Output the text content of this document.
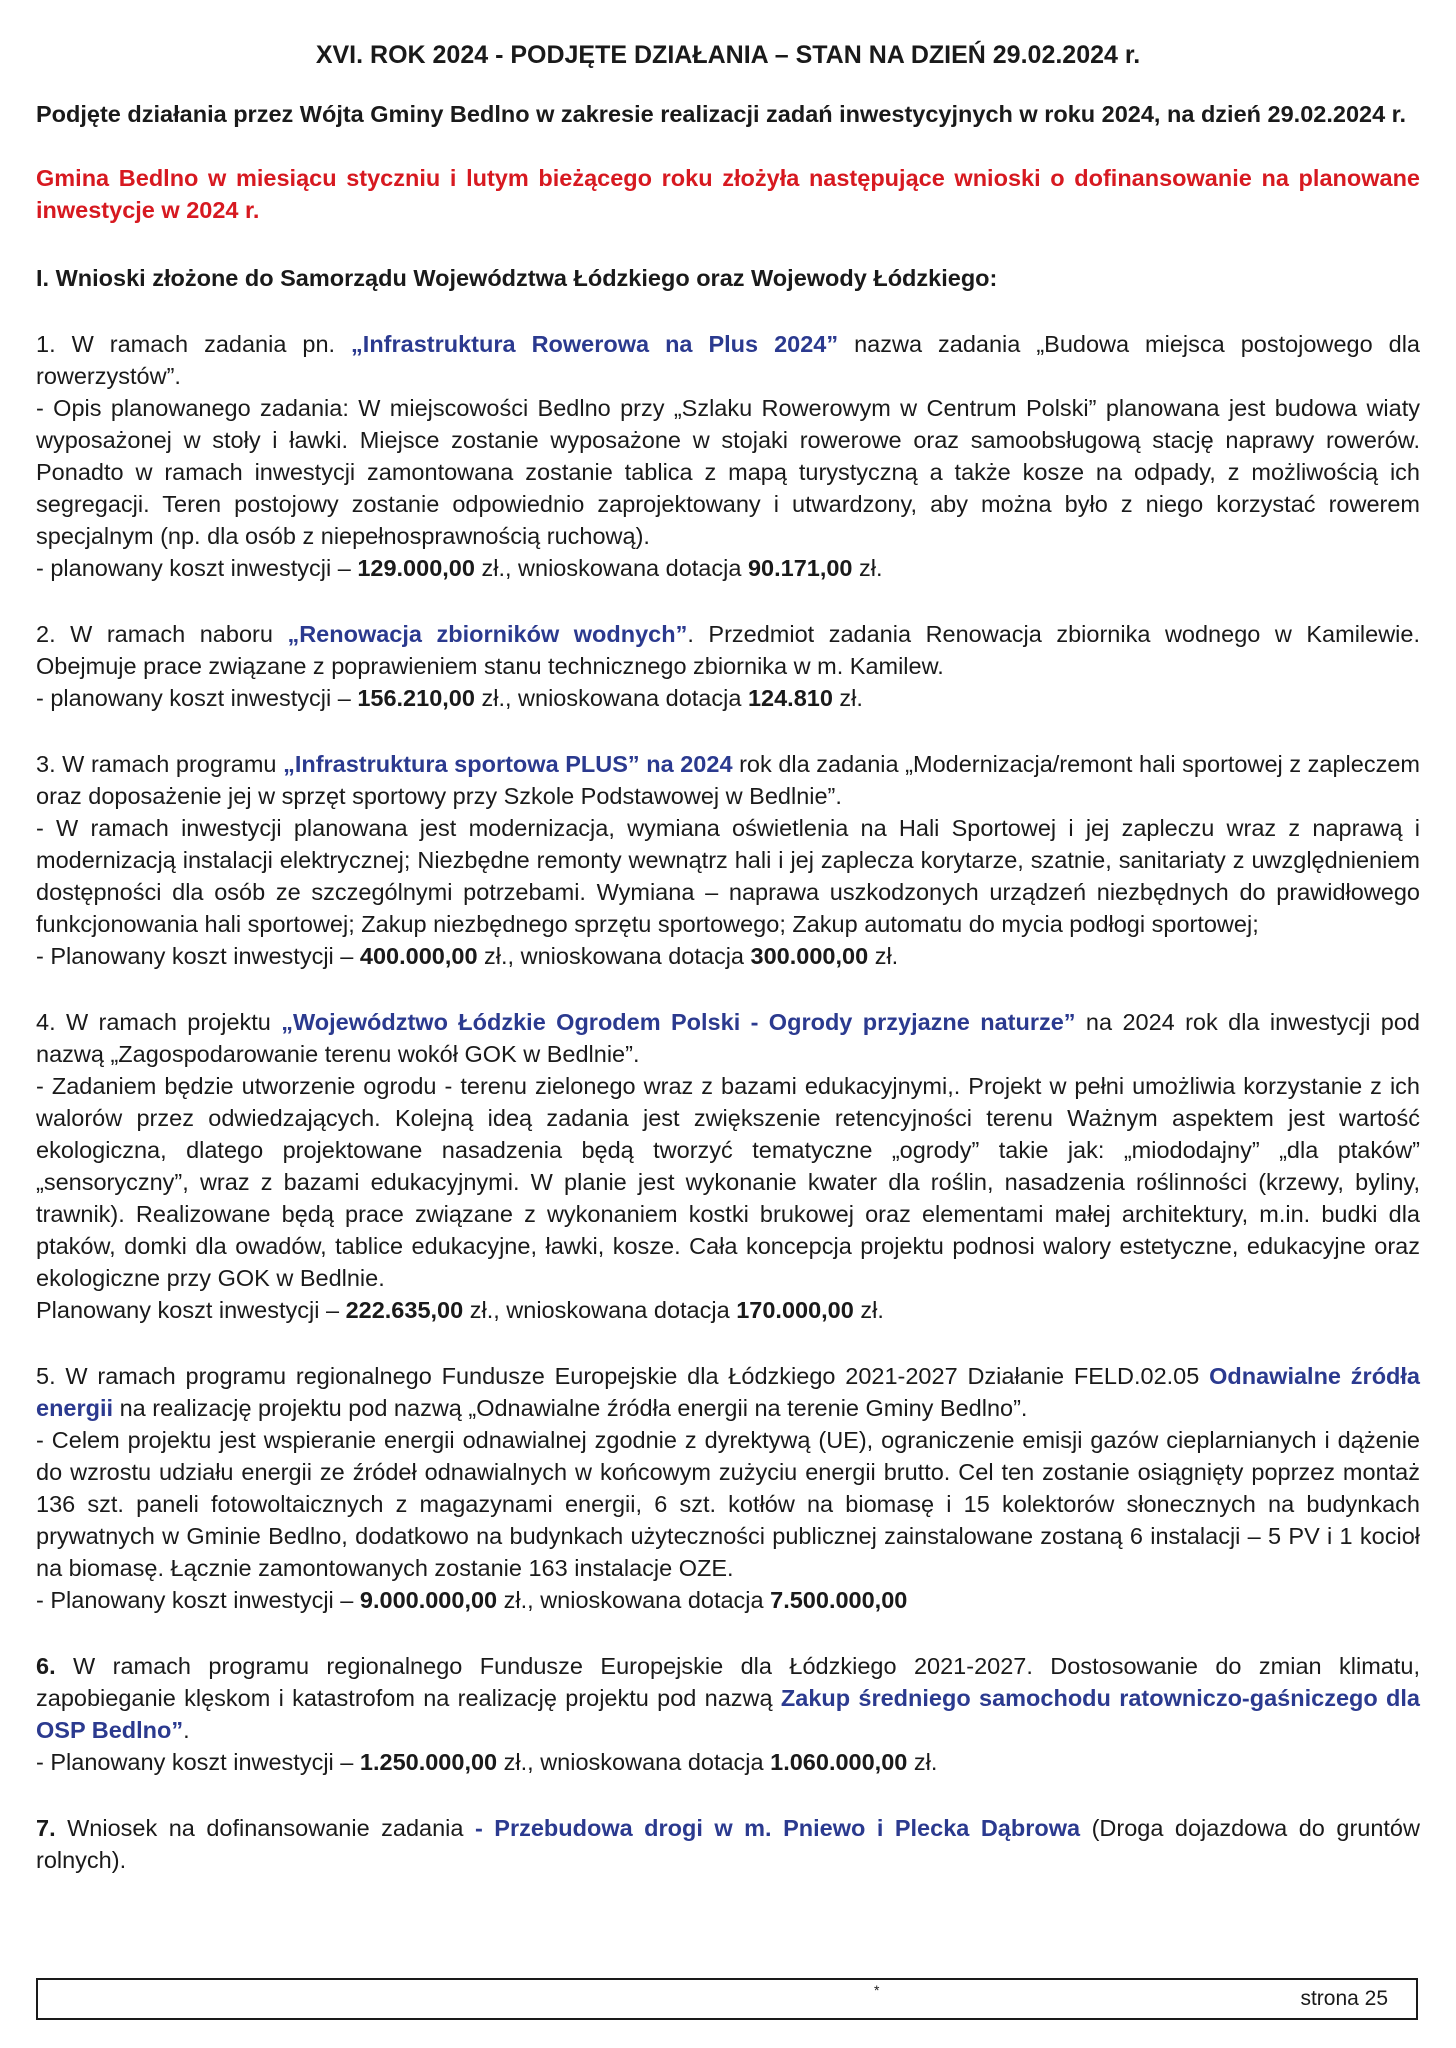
XVI. ROK 2024 - PODJĘTE DZIAŁANIA – STAN NA DZIEŃ 29.02.2024 r.
Podjęte działania przez Wójta Gminy Bedlno w zakresie realizacji zadań inwestycyjnych w roku 2024, na dzień 29.02.2024 r.
Gmina Bedlno w miesiącu styczniu i lutym bieżącego roku złożyła następujące wnioski o dofinansowanie na planowane inwestycje w 2024 r.
I. Wnioski złożone do Samorządu Województwa Łódzkiego oraz Wojewody Łódzkiego:

1. W ramach zadania pn. „Infrastruktura Rowerowa na Plus 2024” nazwa zadania „Budowa miejsca postojowego dla rowerzystów”.

- Opis planowanego zadania: W miejscowości Bedlno przy „Szlaku Rowerowym w Centrum Polski” planowana jest budowa wiaty wyposażonej w stoły i ławki. Miejsce zostanie wyposażone w stojaki rowerowe oraz samoobsługową stację naprawy rowerów. Ponadto w ramach inwestycji zamontowana zostanie tablica z mapą turystyczną a także kosze na odpady, z możliwością ich segregacji. Teren postojowy zostanie odpowiednio zaprojektowany i utwardzony, aby można było z niego korzystać rowerem specjalnym (np. dla osób z niepełnosprawnością ruchową).

- planowany koszt inwestycji – 129.000,00 zł., wnioskowana dotacja 90.171,00 zł.

2. W ramach naboru „Renowacja zbiorników wodnych”. Przedmiot zadania Renowacja zbiornika wodnego w Kamilewie. Obejmuje prace związane z poprawieniem stanu technicznego zbiornika w m. Kamilew.

- planowany koszt inwestycji – 156.210,00 zł., wnioskowana dotacja 124.810 zł.

3. W ramach programu „Infrastruktura sportowa PLUS” na 2024 rok dla zadania „Modernizacja/remont hali sportowej z zapleczem oraz doposażenie jej w sprzęt sportowy przy Szkole Podstawowej w Bedlnie”.

- W ramach inwestycji planowana jest modernizacja, wymiana oświetlenia na Hali Sportowej i jej zapleczu wraz z naprawą i modernizacją instalacji elektrycznej; Niezbędne remonty wewnątrz hali i jej zaplecza korytarze, szatnie, sanitariaty z uwzględnieniem dostępności dla osób ze szczególnymi potrzebami. Wymiana – naprawa uszkodzonych urządzeń niezbędnych do prawidłowego funkcjonowania hali sportowej; Zakup niezbędnego sprzętu sportowego; Zakup automatu do mycia podłogi sportowej;

- Planowany koszt inwestycji – 400.000,00 zł., wnioskowana dotacja 300.000,00 zł.

4. W ramach projektu „Województwo Łódzkie Ogrodem Polski - Ogrody przyjazne naturze” na 2024 rok dla inwestycji pod nazwą „Zagospodarowanie terenu wokół GOK w Bedlnie”.

- Zadaniem będzie utworzenie ogrodu - terenu zielonego wraz z bazami edukacyjnymi,. Projekt w pełni umożliwia korzystanie z ich walorów przez odwiedzających. Kolejną ideą zadania jest zwiększenie retencyjności terenu Ważnym aspektem jest wartość ekologiczna, dlatego projektowane nasadzenia będą tworzyć tematyczne „ogrody” takie jak: „miododajny” „dla ptaków” „sensoryczny”, wraz z bazami edukacyjnymi. W planie jest wykonanie kwater dla roślin, nasadzenia roślinności (krzewy, byliny, trawnik). Realizowane będą prace związane z wykonaniem kostki brukowej oraz elementami małej architektury, m.in. budki dla ptaków, domki dla owadów, tablice edukacyjne, ławki, kosze. Cała koncepcja projektu podnosi walory estetyczne, edukacyjne oraz ekologiczne przy GOK w Bedlnie.

Planowany koszt inwestycji – 222.635,00 zł., wnioskowana dotacja 170.000,00 zł.

5. W ramach programu regionalnego Fundusze Europejskie dla Łódzkiego 2021-2027 Działanie FELD.02.05 Odnawialne źródła energii na realizację projektu pod nazwą „Odnawialne źródła energii na terenie Gminy Bedlno”.

- Celem projektu jest wspieranie energii odnawialnej zgodnie z dyrektywą (UE), ograniczenie emisji gazów cieplarnianych i dążenie do wzrostu udziału energii ze źródeł odnawialnych w końcowym zużyciu energii brutto. Cel ten zostanie osiągnięty poprzez montaż 136 szt. paneli fotowoltaicznych z magazynami energii, 6 szt. kotłów na biomasę i 15 kolektorów słonecznych na budynkach prywatnych w Gminie Bedlno, dodatkowo na budynkach użyteczności publicznej zainstalowane zostaną 6 instalacji – 5 PV i 1 kocioł na biomasę. Łącznie zamontowanych zostanie 163 instalacje OZE.

- Planowany koszt inwestycji – 9.000.000,00 zł., wnioskowana dotacja 7.500.000,00

6. W ramach programu regionalnego Fundusze Europejskie dla Łódzkiego 2021-2027. Dostosowanie do zmian klimatu, zapobieganie klęskom i katastrofom na realizację projektu pod nazwą Zakup średniego samochodu ratowniczo-gaśniczego dla OSP Bedlno”.

- Planowany koszt inwestycji – 1.250.000,00 zł., wnioskowana dotacja 1.060.000,00 zł.

7. Wniosek na dofinansowanie zadania - Przebudowa drogi w m. Pniewo i Plecka Dąbrowa (Droga dojazdowa do gruntów rolnych).

*	strona 25
